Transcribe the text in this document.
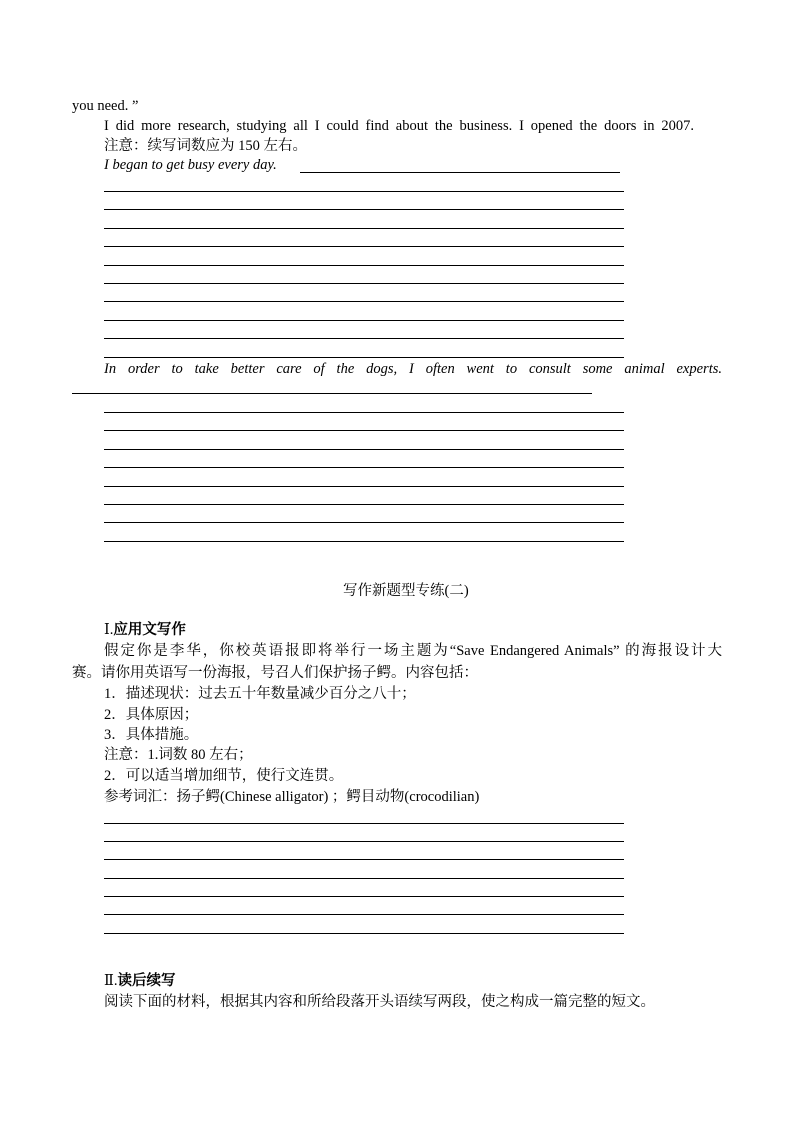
you need. ”
I did more research, studying all I could find about the business. I opened the doors in 2007.
注意：续写词数应为 150 左右。
I began to get busy every day.
In order to take better care of the dogs, I often went to consult some animal experts.
写作新题型专练(二)
Ⅰ.应用文写作
假定你是李华，你校英语报即将举行一场主题为“Save Endangered Animals” 的海报设计大
赛。请你用英语写一份海报，号召人们保护扬子鳄。内容包括：
1．描述现状：过去五十年数量减少百分之八十；
2．具体原因；
3．具体措施。
注意：1.词数 80 左右；
2．可以适当增加细节，使行文连贯。
参考词汇：扬子鳄(Chinese alligator) ；鳄目动物(crocodilian)
Ⅱ.读后续写
阅读下面的材料，根据其内容和所给段落开头语续写两段，使之构成一篇完整的短文。
